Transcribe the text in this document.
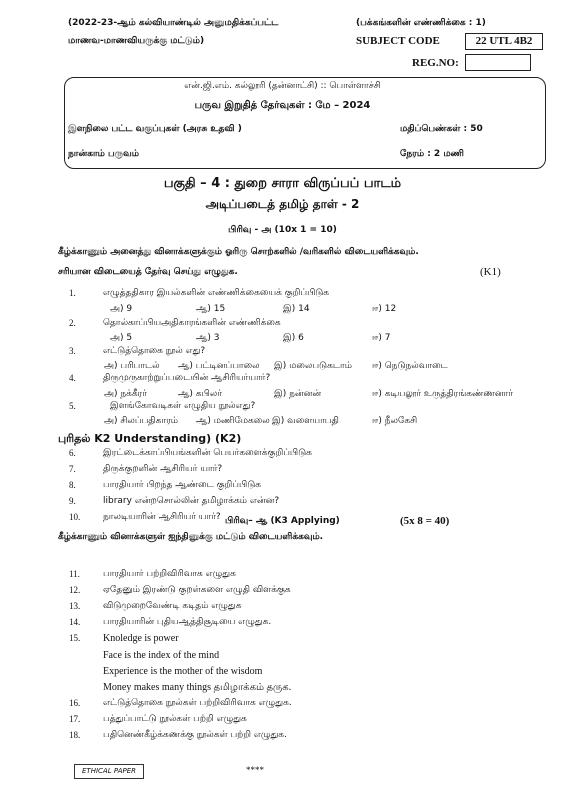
(2022-23-ஆம் கல்வியாண்டில் அனுமதிக்கப்பட்ட
மாணவ-மாணவியருக்கு மட்டும்)
(பக்கங்களின் எண்ணிக்கை : 1)
SUBJECT CODE	22 UTL 4B2
REG.NO:
என்.ஜி.எம். கல்லூரி (தன்னாட்சி) :: பொள்ளாச்சி
பருவ இறுதித் தேர்வுகள் : மே – 2024
இளநிலை பட்ட வகுப்புகள் (அரசு உதவி )	மதிப்பெண்கள் : 50
நான்காம் பருவம்	நேரம் : 2 மணி
பகுதி – 4 : துறை சாரா விருப்பப் பாடம்
அடிப்படைத் தமிழ் தாள் - 2
பிரிவு - அ (10x 1 = 10)
கீழ்க்காணும் அனைத்து வினாக்களுக்கும் ஓரிரு சொற்களில் /வரிகளில் விடையளிக்கவும்.
சரியான விடையைத் தேர்வு செய்து எழுதுக.	(K1)
1.	எழுத்ததிகார இயல்களின் எண்ணிக்கையைக் குறிப்பிடுக
அ) 9	ஆ) 15	இ) 14	ஈ) 12
2.	தொல்காப்பியஅதிகாரங்களின் எண்ணிக்கை
அ) 5	ஆ) 3	இ) 6	ஈ) 7
3.	எட்டுத்தொகை நூல் எது?
அ) பரிபாடல் ஆ) பட்டினப்பாலை இ) மலைபடுகடாம் ஈ) நெடுநல்வாடை
4.	திருமுருகாற்றுப்படையின் ஆசிரியர்யார்?
அ) நக்கீரர்	ஆ) கபிலர்	இ) நன்னன்	ஈ) கடியலூர் உருத்திரங்கண்ணனார்
5.	இளங்கோவடிகள் எழுதிய நூல்எது?
அ) சிலப்பதிகாரம் ஆ) மணிமேகலை இ) வளையாபதி	ஈ) நீலகேசி
புரிதல் K2 Understanding) (K2)
6.	இரட்டைக்காப்பியங்களின் பெயர்களைக்குறிப்பிடுக
7.	திருக்குறளின் ஆசிரியர் யார்?
8.	பாரதியார் பிறந்த ஆண்டை குறிப்பிடுக
9.	library என்றசொல்லின் தமிழாக்கம் என்ன?
10.	நாலடியாரின் ஆசிரியர் யார்? பிரிவு– ஆ (K3 Applying)	(5x 8 = 40)
கீழ்க்காணும் வினாக்களுள் ஐந்தினுக்கு மட்டும் விடையளிக்கவும்.
11.	பாரதியார் பற்றிவிரிவாக எழுதுக
12.	ஏதேனும் இரண்டு குறள்களை எழுதி விளக்குக
13.	விடுமுறைவேண்டி கடிதம் எழுதுக
14.	பாரதியாரின் புதியஆத்திசூடியை எழுதுக.
15. Knoledge is power
Face is the index of the mind
Experience is the mother of the wisdom
Money makes many things தமிழாக்கம் தருக.
16.	எட்டுத்தொகை நூல்கள் பற்றிவிரிவாக எழுதுக.
17.	பத்துப்பாட்டு நூல்கள் பற்றி எழுதுக
18.	பதினெண்கீழ்க்கணக்கு நூல்கள் பற்றி எழுதுக.
ETHICAL PAPER	****
